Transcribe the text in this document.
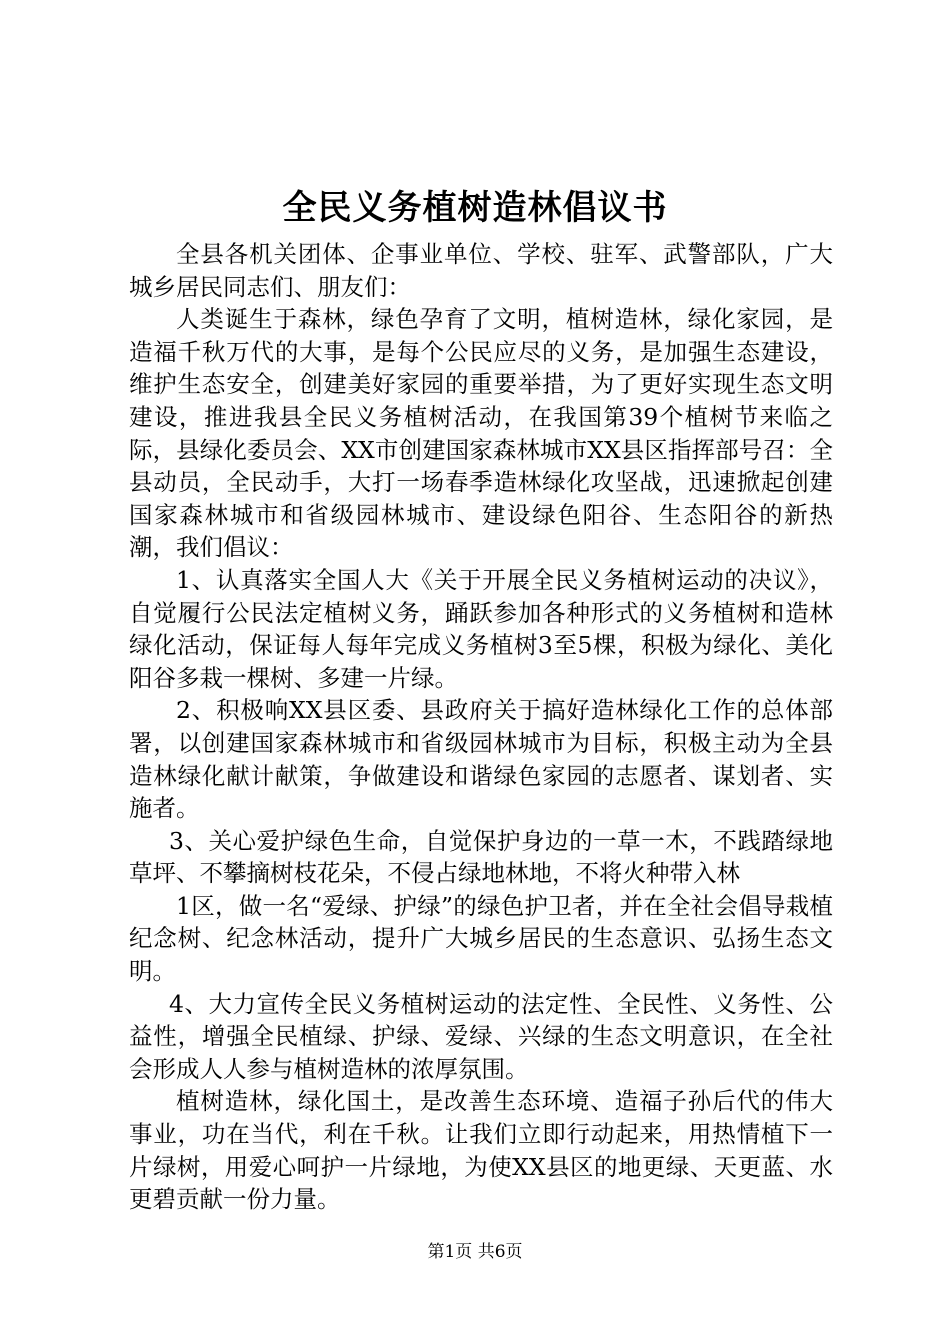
全民义务植树造林倡议书

全县各机关团体、企事业单位、学校、驻军、武警部队，广大城乡居民同志们、朋友们：

人类诞生于森林，绿色孕育了文明，植树造林，绿化家园，是造福千秋万代的大事，是每个公民应尽的义务，是加强生态建设，维护生态安全，创建美好家园的重要举措，为了更好实现生态文明建设，推进我县全民义务植树活动，在我国第39个植树节来临之际，县绿化委员会、XX市创建国家森林城市XX县区指挥部号召：全县动员，全民动手，大打一场春季造林绿化攻坚战，迅速掀起创建国家森林城市和省级园林城市、建设绿色阳谷、生态阳谷的新热潮，我们倡议：

1、认真落实全国人大《关于开展全民义务植树运动的决议》，自觉履行公民法定植树义务，踊跃参加各种形式的义务植树和造林绿化活动，保证每人每年完成义务植树3至5棵，积极为绿化、美化阳谷多栽一棵树、多建一片绿。

2、积极响XX县区委、县政府关于搞好造林绿化工作的总体部署，以创建国家森林城市和省级园林城市为目标，积极主动为全县造林绿化献计献策，争做建设和谐绿色家园的志愿者、谋划者、实施者。

3、关心爱护绿色生命，自觉保护身边的一草一木，不践踏绿地草坪、不攀摘树枝花朵，不侵占绿地林地，不将火种带入林

1区，做一名“爱绿、护绿”的绿色护卫者，并在全社会倡导栽植纪念树、纪念林活动，提升广大城乡居民的生态意识、弘扬生态文明。

4、大力宣传全民义务植树运动的法定性、全民性、义务性、公益性，增强全民植绿、护绿、爱绿、兴绿的生态文明意识，在全社会形成人人参与植树造林的浓厚氛围。

植树造林，绿化国土，是改善生态环境、造福子孙后代的伟大事业，功在当代，利在千秋。让我们立即行动起来，用热情植下一片绿树，用爱心呵护一片绿地，为使XX县区的地更绿、天更蓝、水更碧贡献一份力量。

第1页 共6页
